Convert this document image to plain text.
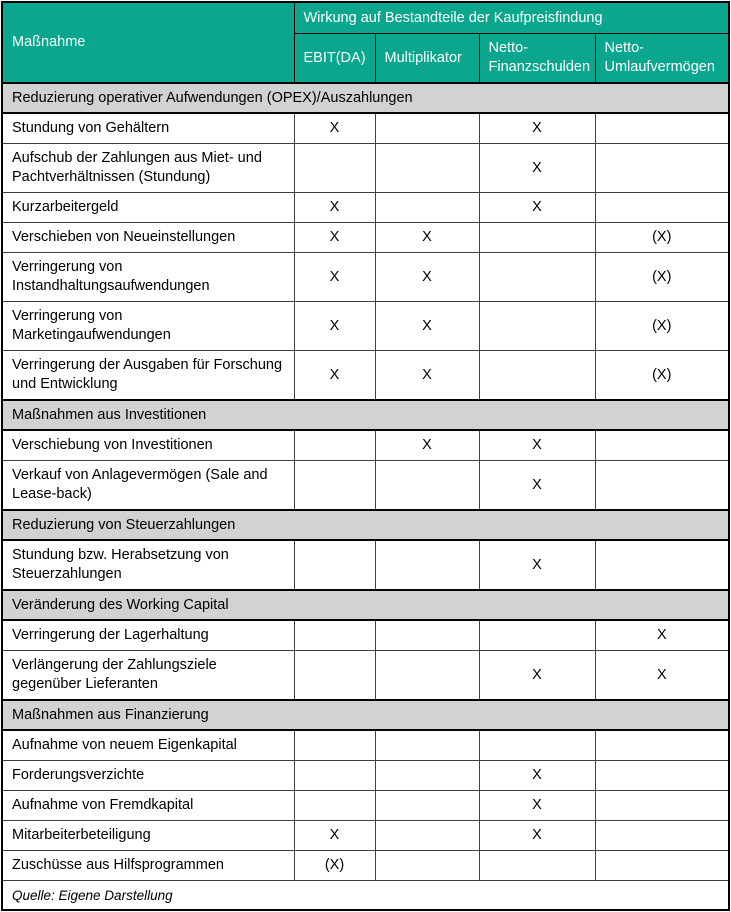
Maßnahme	Wirkung auf Bestandteile der Kaufpreisfindung			
	EBIT(DA)	Multiplikator	Netto-Finanzschulden	Netto-Umlaufvermögen
Reduzierung operativer Aufwendungen (OPEX)/Auszahlungen				
Stundung von Gehältern	X		X	
Aufschub der Zahlungen aus Miet- und Pachtverhältnissen (Stundung)			X	
Kurzarbeitergeld	X		X	
Verschieben von Neueinstellungen	X	X		(X)
Verringerung von Instandhaltungsaufwendungen	X	X		(X)
Verringerung von Marketingaufwendungen	X	X		(X)
Verringerung der Ausgaben für Forschung und Entwicklung	X	X		(X)
Maßnahmen aus Investitionen				
Verschiebung von Investitionen		X	X	
Verkauf von Anlagevermögen (Sale and Lease-back)			X	
Reduzierung von Steuerzahlungen				
Stundung bzw. Herabsetzung von Steuerzahlungen			X	
Veränderung des Working Capital				
Verringerung der Lagerhaltung				X
Verlängerung der Zahlungsziele gegenüber Lieferanten			X	X
Maßnahmen aus Finanzierung				
Aufnahme von neuem Eigenkapital				
Forderungsverzichte			X	
Aufnahme von Fremdkapital			X	
Mitarbeiterbeteiligung	X		X	
Zuschüsse aus Hilfsprogrammen	(X)			
Quelle: Eigene Darstellung				
